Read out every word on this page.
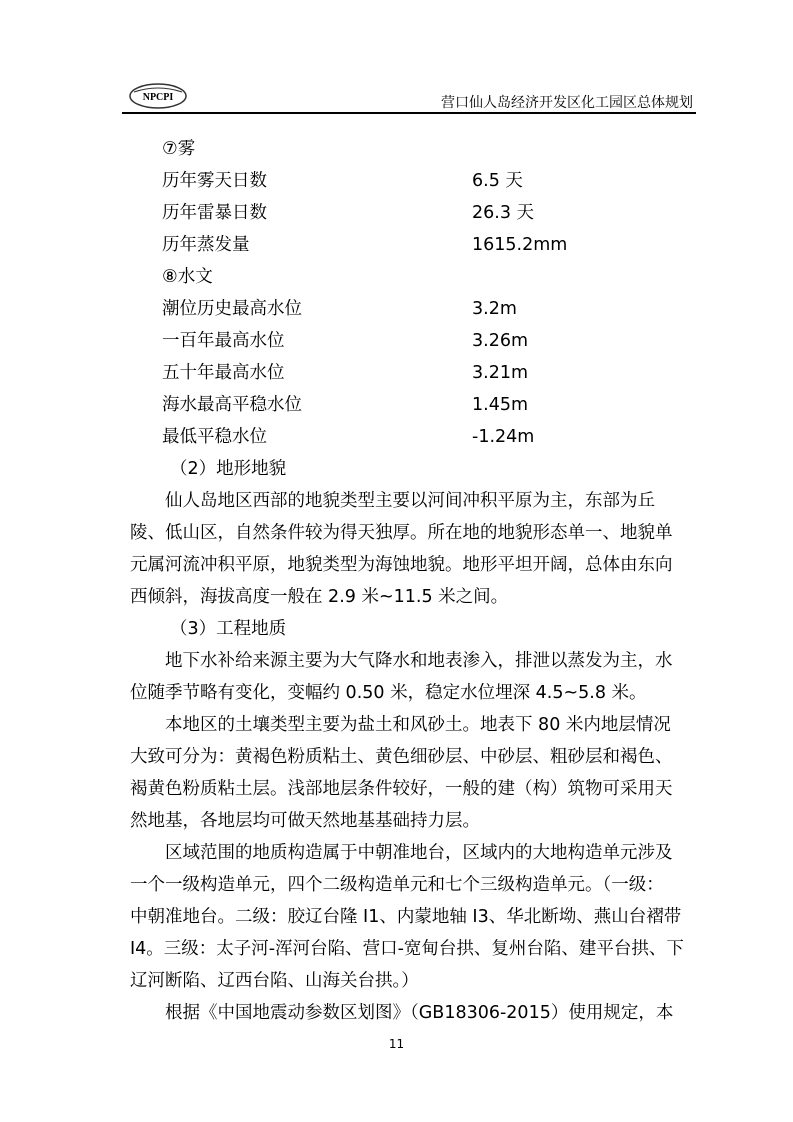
NPCPI	营口仙人岛经济开发区化工园区总体规划
⑦雾
历年雾天日数	6.5 天
历年雷暴日数	26.3 天
历年蒸发量	1615.2mm
⑧水文
潮位历史最高水位	3.2m
一百年最高水位	3.26m
五十年最高水位	3.21m
海水最高平稳水位	1.45m
最低平稳水位	-1.24m
（2）地形地貌
仙人岛地区西部的地貌类型主要以河间冲积平原为主，东部为丘
陵、低山区，自然条件较为得天独厚。所在地的地貌形态单一、地貌单
元属河流冲积平原，地貌类型为海蚀地貌。地形平坦开阔，总体由东向
西倾斜，海拔高度一般在 2.9 米~11.5 米之间。
（3）工程地质
地下水补给来源主要为大气降水和地表渗入，排泄以蒸发为主，水
位随季节略有变化，变幅约 0.50 米，稳定水位埋深 4.5~5.8 米。
本地区的土壤类型主要为盐土和风砂土。地表下 80 米内地层情况
大致可分为：黄褐色粉质粘土、黄色细砂层、中砂层、粗砂层和褐色、
褐黄色粉质粘土层。浅部地层条件较好，一般的建（构）筑物可采用天
然地基，各地层均可做天然地基基础持力层。
区域范围的地质构造属于中朝准地台，区域内的大地构造单元涉及
一个一级构造单元，四个二级构造单元和七个三级构造单元。（一级：
中朝准地台。二级：胶辽台隆 I1、内蒙地轴 I3、华北断坳、燕山台褶带
I4。三级：太子河-浑河台陷、营口-宽甸台拱、复州台陷、建平台拱、下
辽河断陷、辽西台陷、山海关台拱。）
根据《中国地震动参数区划图》（GB18306-2015）使用规定，本
11
